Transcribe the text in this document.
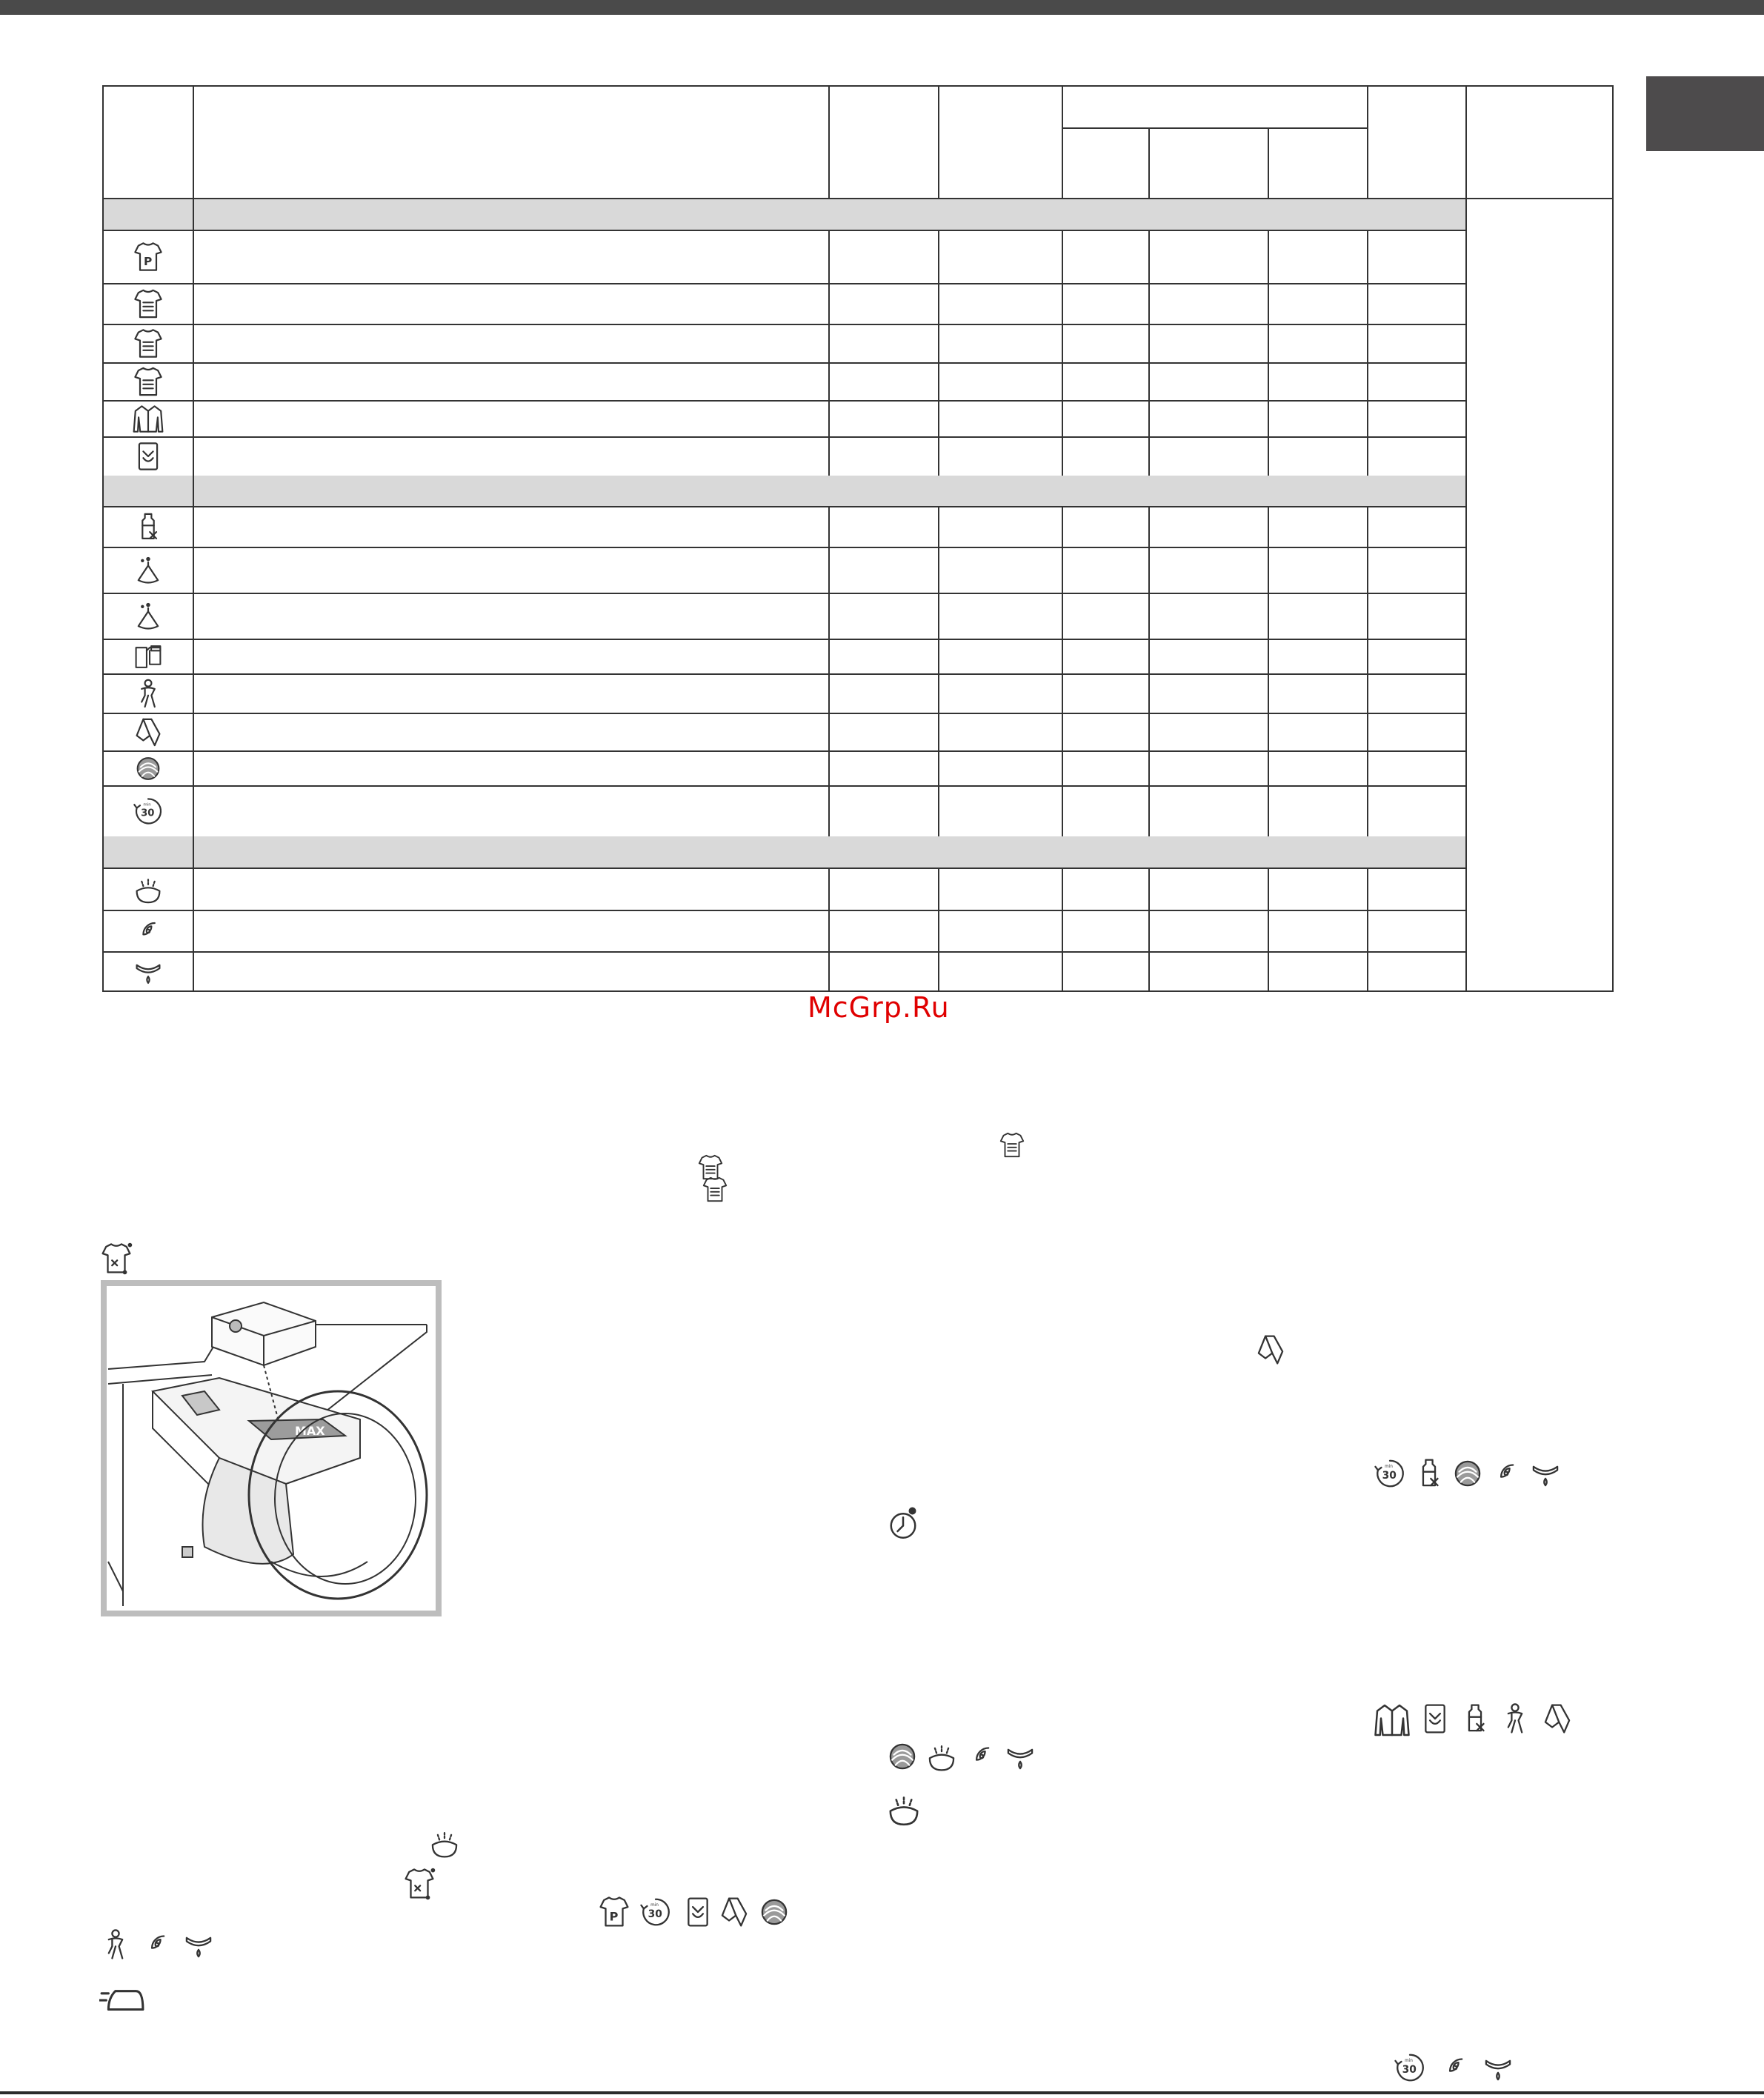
P
30
min
McGrp.Ru
30
min
P	30
min
30
min
MAX
